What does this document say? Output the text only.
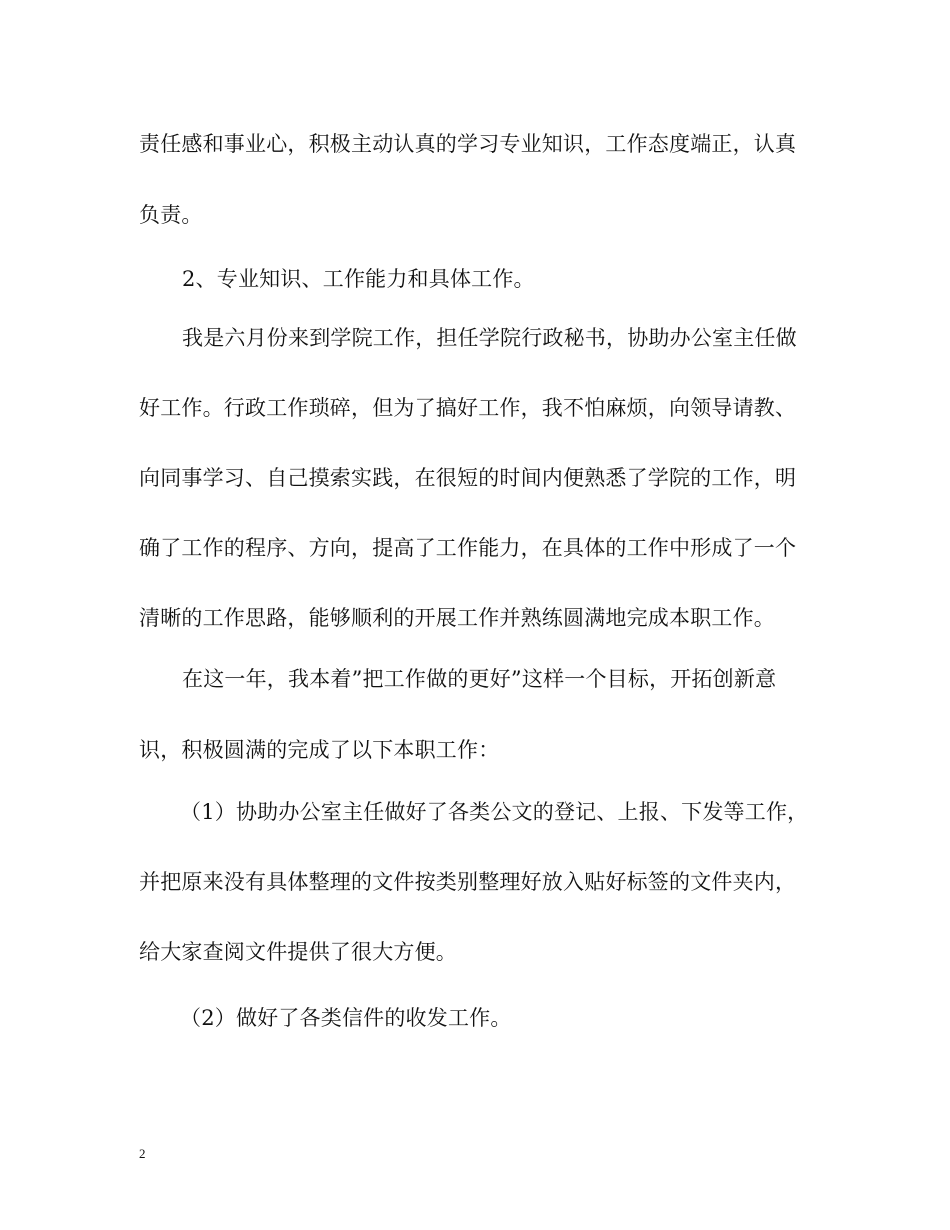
责任感和事业心，积极主动认真的学习专业知识，工作态度端正，认真
负责。
2、专业知识、工作能力和具体工作。
我是六月份来到学院工作，担任学院行政秘书，协助办公室主任做
好工作。行政工作琐碎，但为了搞好工作，我不怕麻烦，向领导请教、
向同事学习、自己摸索实践，在很短的时间内便熟悉了学院的工作，明
确了工作的程序、方向，提高了工作能力，在具体的工作中形成了一个
清晰的工作思路，能够顺利的开展工作并熟练圆满地完成本职工作。
在这一年，我本着”把工作做的更好”这样一个目标，开拓创新意
识，积极圆满的完成了以下本职工作：
（1）协助办公室主任做好了各类公文的登记、上报、下发等工作，
并把原来没有具体整理的文件按类别整理好放入贴好标签的文件夹内，
给大家查阅文件提供了很大方便。
（2）做好了各类信件的收发工作。
2
